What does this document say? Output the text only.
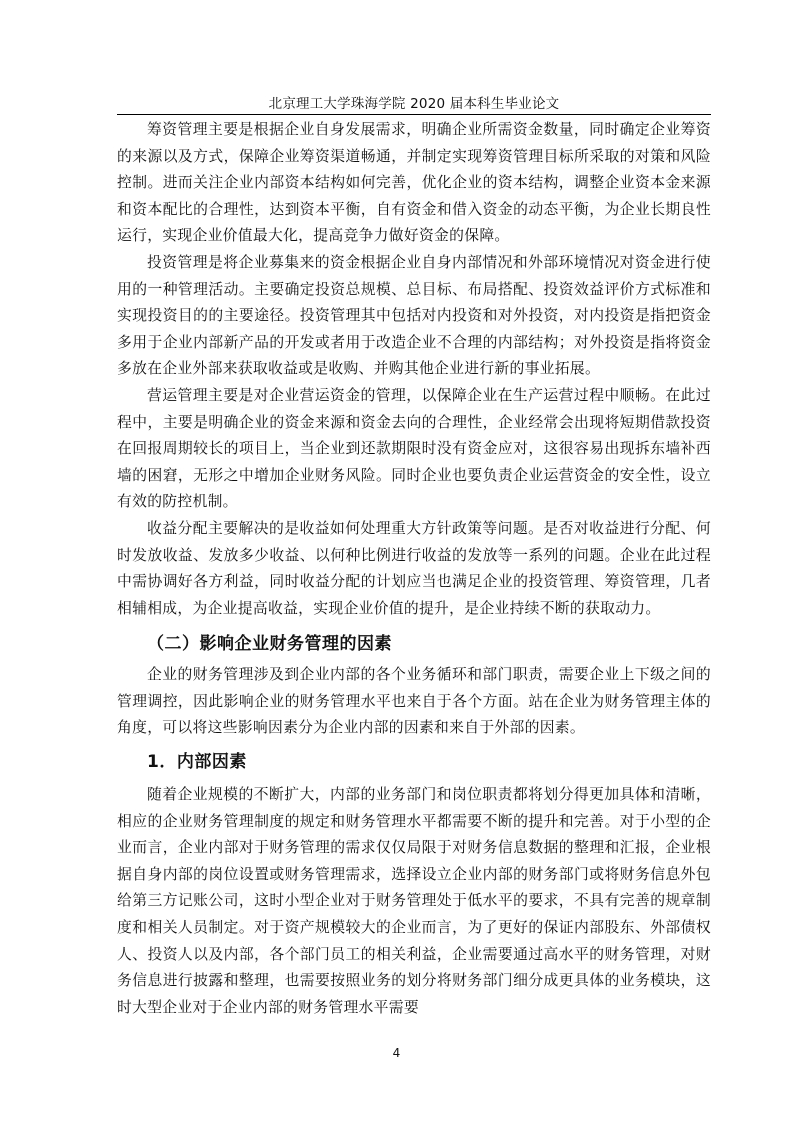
北京理工大学珠海学院 2020 届本科生毕业论文

筹资管理主要是根据企业自身发展需求，明确企业所需资金数量，同时确定企业筹资的来源以及方式，保障企业筹资渠道畅通，并制定实现筹资管理目标所采取的对策和风险控制。进而关注企业内部资本结构如何完善，优化企业的资本结构，调整企业资本金来源和资本配比的合理性，达到资本平衡，自有资金和借入资金的动态平衡，为企业长期良性运行，实现企业价值最大化，提高竞争力做好资金的保障。

投资管理是将企业募集来的资金根据企业自身内部情况和外部环境情况对资金进行使用的一种管理活动。主要确定投资总规模、总目标、布局搭配、投资效益评价方式标准和实现投资目的的主要途径。投资管理其中包括对内投资和对外投资，对内投资是指把资金多用于企业内部新产品的开发或者用于改造企业不合理的内部结构；对外投资是指将资金多放在企业外部来获取收益或是收购、并购其他企业进行新的事业拓展。

营运管理主要是对企业营运资金的管理，以保障企业在生产运营过程中顺畅。在此过程中，主要是明确企业的资金来源和资金去向的合理性，企业经常会出现将短期借款投资在回报周期较长的项目上，当企业到还款期限时没有资金应对，这很容易出现拆东墙补西墙的困窘，无形之中增加企业财务风险。同时企业也要负责企业运营资金的安全性，设立有效的防控机制。

收益分配主要解决的是收益如何处理重大方针政策等问题。是否对收益进行分配、何时发放收益、发放多少收益、以何种比例进行收益的发放等一系列的问题。企业在此过程中需协调好各方利益，同时收益分配的计划应当也满足企业的投资管理、筹资管理，几者相辅相成，为企业提高收益，实现企业价值的提升，是企业持续不断的获取动力。

（二）影响企业财务管理的因素

企业的财务管理涉及到企业内部的各个业务循环和部门职责，需要企业上下级之间的管理调控，因此影响企业的财务管理水平也来自于各个方面。站在企业为财务管理主体的角度，可以将这些影响因素分为企业内部的因素和来自于外部的因素。

1．内部因素

随着企业规模的不断扩大，内部的业务部门和岗位职责都将划分得更加具体和清晰，相应的企业财务管理制度的规定和财务管理水平都需要不断的提升和完善。对于小型的企业而言，企业内部对于财务管理的需求仅仅局限于对财务信息数据的整理和汇报，企业根据自身内部的岗位设置或财务管理需求，选择设立企业内部的财务部门或将财务信息外包给第三方记账公司，这时小型企业对于财务管理处于低水平的要求，不具有完善的规章制度和相关人员制定。对于资产规模较大的企业而言，为了更好的保证内部股东、外部债权人、投资人以及内部，各个部门员工的相关利益，企业需要通过高水平的财务管理，对财务信息进行披露和整理，也需要按照业务的划分将财务部门细分成更具体的业务模块，这时大型企业对于企业内部的财务管理水平需要

4
